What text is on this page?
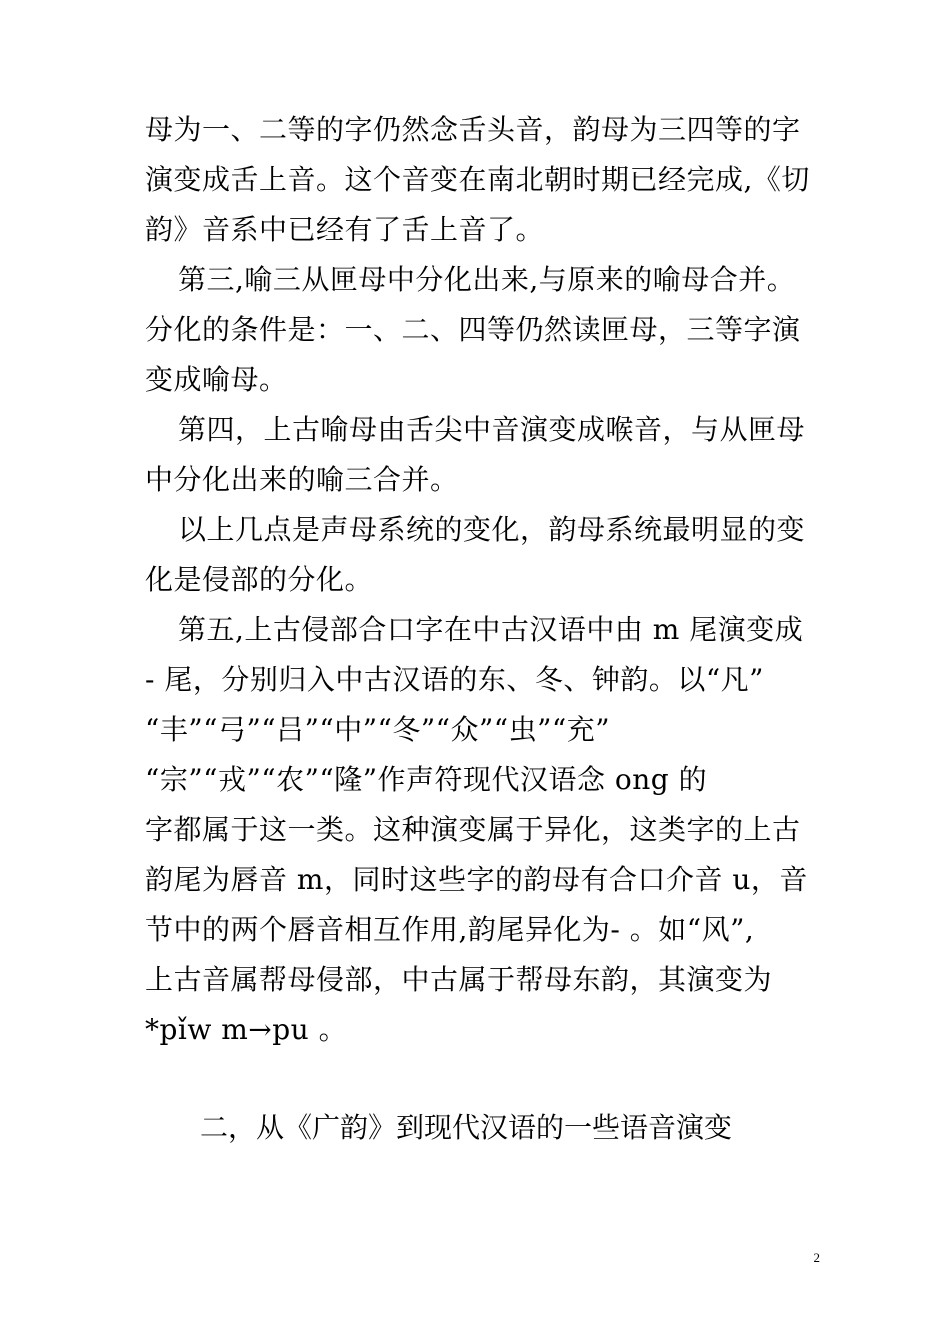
母为一、二等的字仍然念舌头音，韵母为三四等的字
演变成舌上音。这个音变在南北朝时期已经完成,《切
韵》音系中已经有了舌上音了。
第三,喻三从匣母中分化出来,与原来的喻母合并。
分化的条件是：一、二、四等仍然读匣母，三等字演
变成喻母。
第四，上古喻母由舌尖中音演变成喉音，与从匣母
中分化出来的喻三合并。
以上几点是声母系统的变化，韵母系统最明显的变
化是侵部的分化。
第五,上古侵部合口字在中古汉语中由 m 尾演变成
- 尾，分别归入中古汉语的东、冬、钟韵。以“凡”
“丰”“弓”“吕”“中”“冬”“众”“虫”“充”
“宗”“戎”“农”“隆”作声符现代汉语念 ong 的
字都属于这一类。这种演变属于异化，这类字的上古
韵尾为唇音 m，同时这些字的韵母有合口介音 u，音
节中的两个唇音相互作用,韵尾异化为- 。如“风”,
上古音属帮母侵部，中古属于帮母东韵，其演变为
*pǐw m→pu 。
二，从《广韵》到现代汉语的一些语音演变
2
